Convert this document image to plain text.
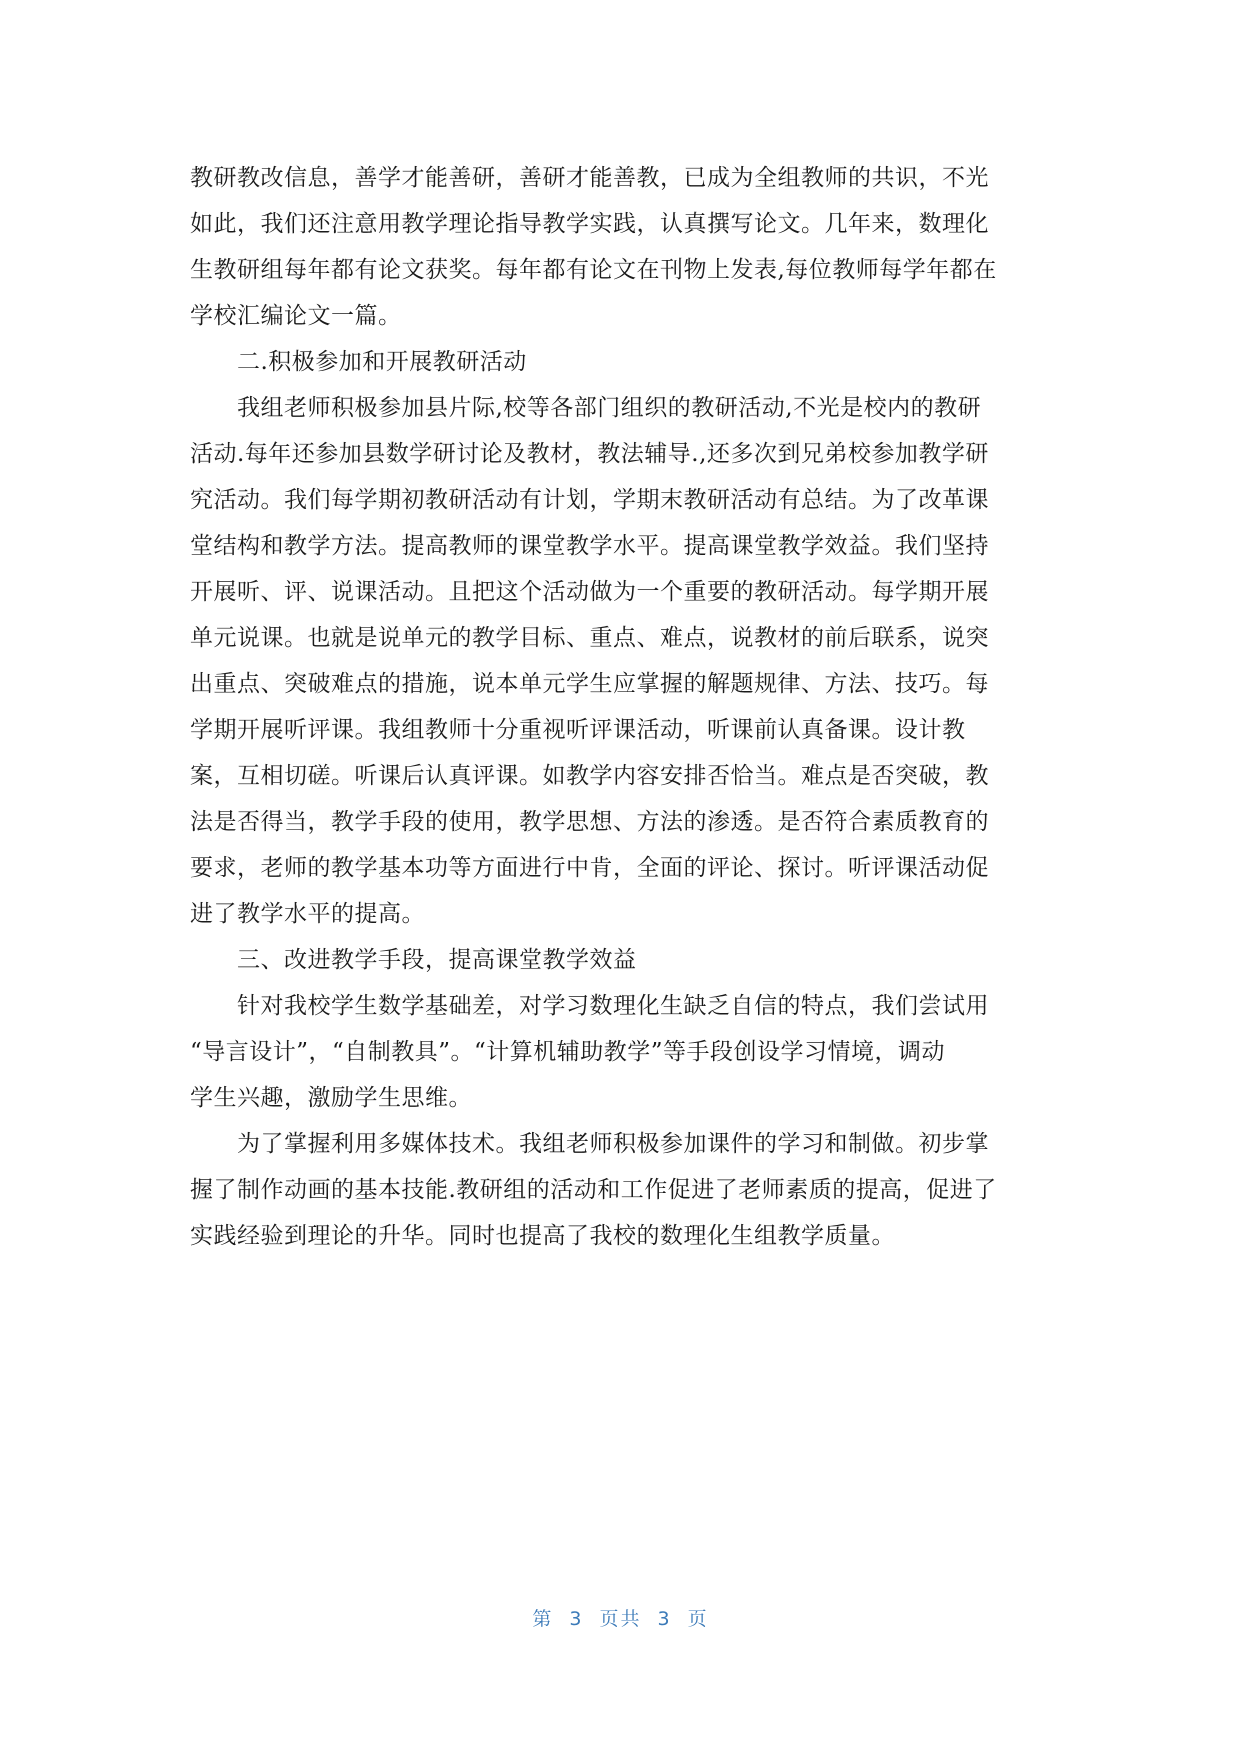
教研教改信息，善学才能善研，善研才能善教，已成为全组教师的共识，不光
如此，我们还注意用教学理论指导教学实践，认真撰写论文。几年来，数理化
生教研组每年都有论文获奖。每年都有论文在刊物上发表,每位教师每学年都在
学校汇编论文一篇。
　　二.积极参加和开展教研活动
　　我组老师积极参加县片际,校等各部门组织的教研活动,不光是校内的教研
活动.每年还参加县数学研讨论及教材，教法辅导.,还多次到兄弟校参加教学研
究活动。我们每学期初教研活动有计划，学期末教研活动有总结。为了改革课
堂结构和教学方法。提高教师的课堂教学水平。提高课堂教学效益。我们坚持
开展听、评、说课活动。且把这个活动做为一个重要的教研活动。每学期开展
单元说课。也就是说单元的教学目标、重点、难点，说教材的前后联系，说突
出重点、突破难点的措施，说本单元学生应掌握的解题规律、方法、技巧。每
学期开展听评课。我组教师十分重视听评课活动，听课前认真备课。设计教
案，互相切磋。听课后认真评课。如教学内容安排否恰当。难点是否突破，教
法是否得当，教学手段的使用，教学思想、方法的渗透。是否符合素质教育的
要求，老师的教学基本功等方面进行中肯，全面的评论、探讨。听评课活动促
进了教学水平的提高。
　　三、改进教学手段，提高课堂教学效益
　　针对我校学生数学基础差，对学习数理化生缺乏自信的特点，我们尝试用
“导言设计”，“自制教具”。“计算机辅助教学”等手段创设学习情境，调动
学生兴趣，激励学生思维。
　　为了掌握利用多媒体技术。我组老师积极参加课件的学习和制做。初步掌
握了制作动画的基本技能.教研组的活动和工作促进了老师素质的提高，促进了
实践经验到理论的升华。同时也提高了我校的数理化生组教学质量。
第 3 页共 3 页
